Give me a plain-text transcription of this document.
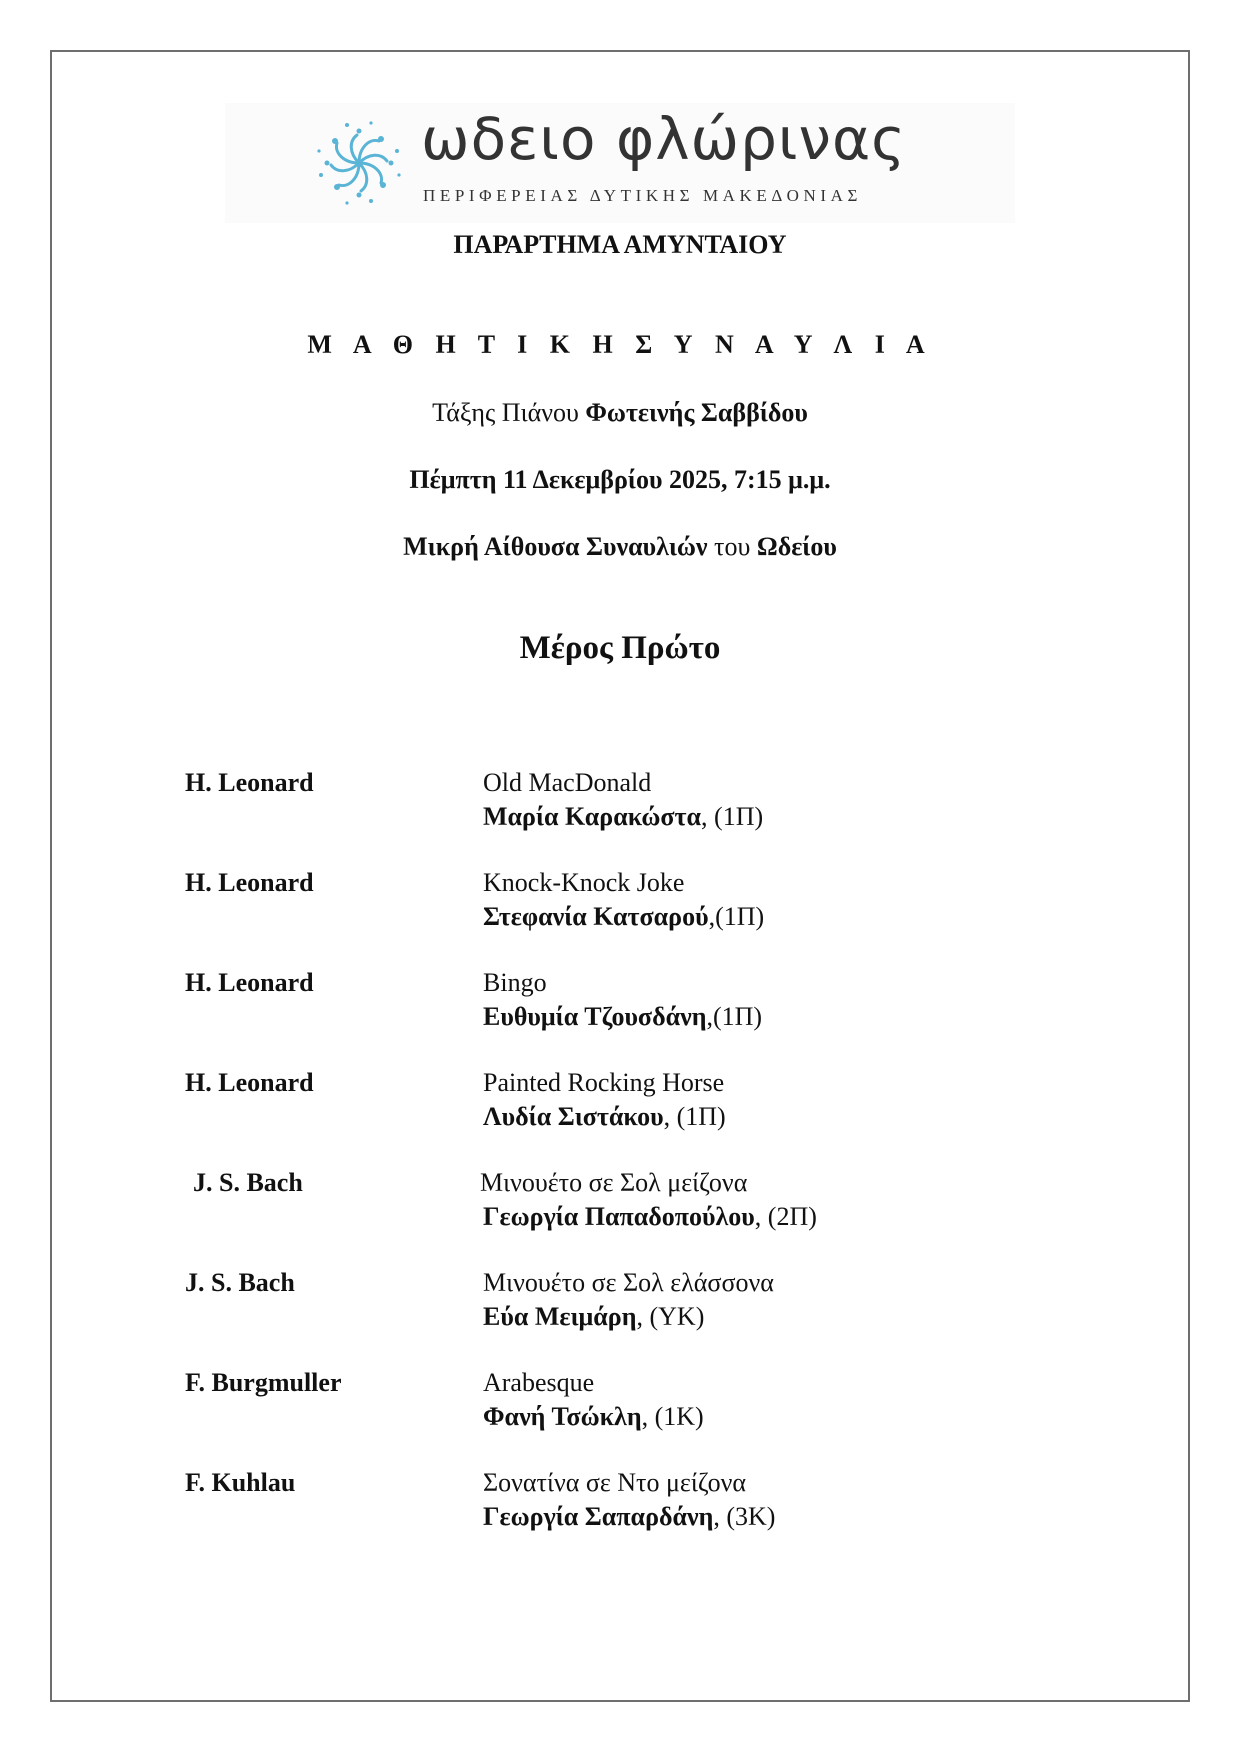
ωδειο φλώρινας
ΠΕΡΙΦΕΡΕΙΑΣ ΔΥΤΙΚΗΣ ΜΑΚΕΔΟΝΙΑΣ
ΠΑΡΑΡΤΗΜΑ ΑΜΥΝΤΑΙΟΥ
Μ Α Θ Η Τ Ι Κ Η Σ Υ Ν Α Υ Λ Ι Α
Τάξης Πιάνου Φωτεινής Σαββίδου
Πέμπτη 11 Δεκεμβρίου 2025, 7:15 μ.μ.
Μικρή Αίθουσα Συναυλιών του Ωδείου
Μέρος Πρώτο
H. Leonard	Old MacDonald
Μαρία Καρακώστα, (1Π)
H. Leonard	Knock-Knock Joke
Στεφανία Κατσαρού,(1Π)
H. Leonard	Bingo
Ευθυμία Τζουσδάνη,(1Π)
H. Leonard	Painted Rocking Horse
Λυδία Σιστάκου, (1Π)
J. S. Bach	Μινουέτο σε Σολ μείζονα
Γεωργία Παπαδοπούλου, (2Π)
J. S. Bach	Μινουέτο σε Σολ ελάσσονα
Εύα Μειμάρη, (ΥΚ)
F. Burgmuller	Arabesque
Φανή Τσώκλη, (1Κ)
F. Kuhlau	Σονατίνα σε Ντο μείζονα
Γεωργία Σαπαρδάνη, (3Κ)
